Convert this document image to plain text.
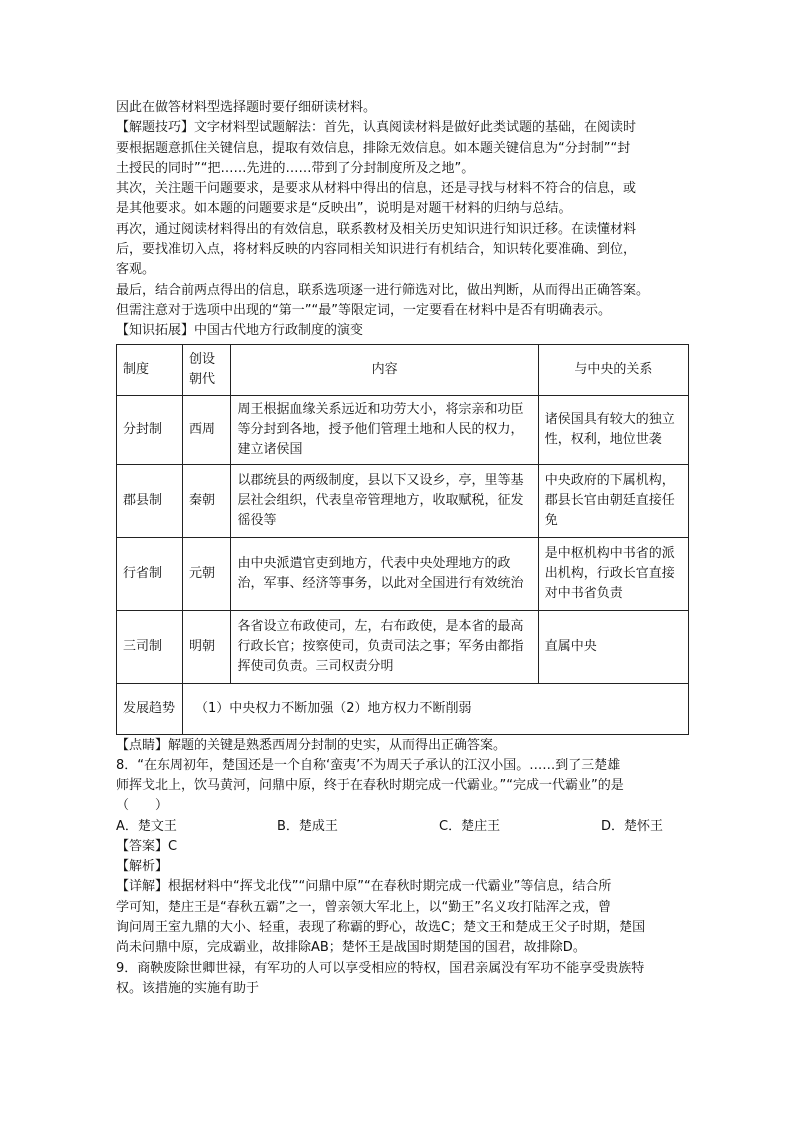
因此在做答材料型选择题时要仔细研读材料。

【解题技巧】文字材料型试题解法：首先，认真阅读材料是做好此类试题的基础，在阅读时

要根据题意抓住关键信息，提取有效信息，排除无效信息。如本题关键信息为“分封制”“封

土授民的同时”“把……先进的……带到了分封制度所及之地”。

其次，关注题干问题要求，是要求从材料中得出的信息，还是寻找与材料不符合的信息，或

是其他要求。如本题的问题要求是“反映出”，说明是对题干材料的归纳与总结。

再次，通过阅读材料得出的有效信息，联系教材及相关历史知识进行知识迁移。在读懂材料

后，要找准切入点，将材料反映的内容同相关知识进行有机结合，知识转化要准确、到位，

客观。

最后，结合前两点得出的信息，联系选项逐一进行筛选对比，做出判断，从而得出正确答案。

但需注意对于选项中出现的“第一”“最”等限定词，一定要看在材料中是否有明确表示。

【知识拓展】中国古代地方行政制度的演变

制度	创设朝代	内容	与中央的关系
分封制	西周	周王根据血缘关系远近和功劳大小，将宗亲和功臣等分封到各地，授予他们管理土地和人民的权力，建立诸侯国	诸侯国具有较大的独立性，权利，地位世袭
郡县制	秦朝	以郡统县的两级制度，县以下又设乡，亭，里等基层社会组织，代表皇帝管理地方，收取赋税，征发徭役等	中央政府的下属机构，郡县长官由朝廷直接任免
行省制	元朝	由中央派遣官吏到地方，代表中央处理地方的政治，军事、经济等事务，以此对全国进行有效统治	是中枢机构中书省的派出机构，行政长官直接对中书省负责
三司制	明朝	各省设立布政使司，左，右布政使，是本省的最高行政长官；按察使司，负责司法之事；军务由都指挥使司负责。三司权责分明	直属中央
发展趋势	（1）中央权力不断加强（2）地方权力不断削弱		

【点睛】解题的关键是熟悉西周分封制的史实，从而得出正确答案。

8．“在东周初年，楚国还是一个自称‘蛮夷’不为周天子承认的江汉小国。……到了三楚雄

师挥戈北上，饮马黄河，问鼎中原，终于在春秋时期完成一代霸业。”“完成一代霸业”的是

（　　）

A．楚文王	B．楚成王	C．楚庄王	D．楚怀王

【答案】C

【解析】

【详解】根据材料中“挥戈北伐”“问鼎中原”“在春秋时期完成一代霸业”等信息，结合所

学可知，楚庄王是“春秋五霸”之一，曾亲领大军北上，以“勤王”名义攻打陆浑之戎，曾

询问周王室九鼎的大小、轻重，表现了称霸的野心，故选C；楚文王和楚成王父子时期，楚国

尚未问鼎中原，完成霸业，故排除AB；楚怀王是战国时期楚国的国君，故排除D。

9．商鞅废除世卿世禄，有军功的人可以享受相应的特权，国君亲属没有军功不能享受贵族特

权。该措施的实施有助于
